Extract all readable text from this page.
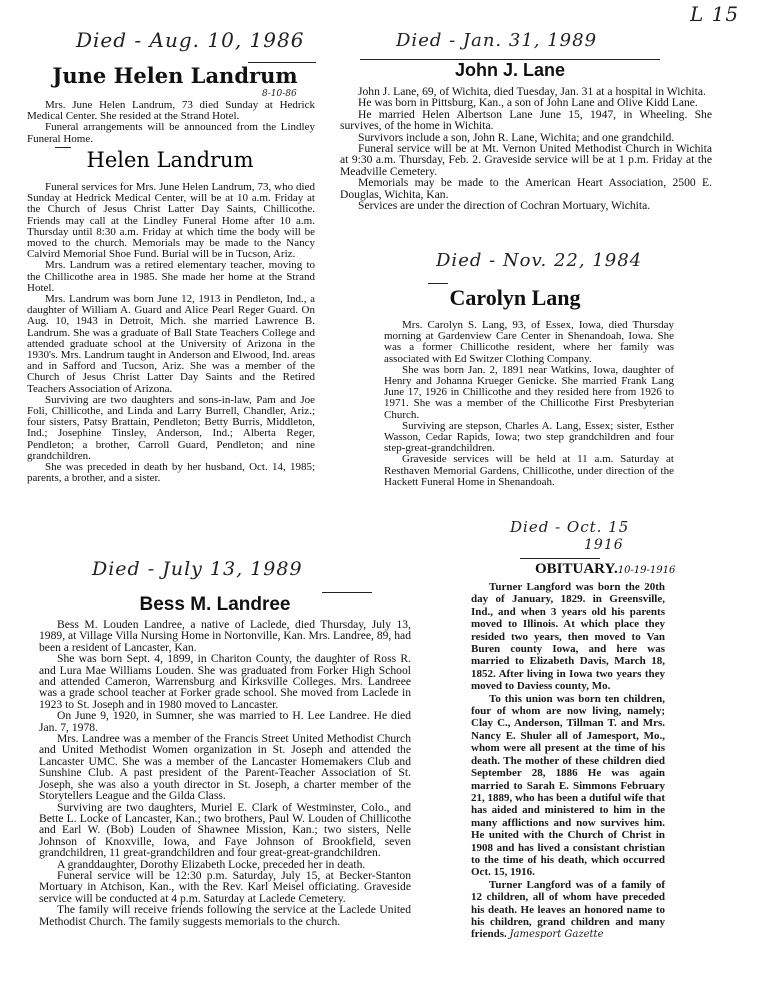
L 15
Died - Aug. 10, 1986
June Helen Landrum
8-10-86

Mrs. June Helen Landrum, 73 died Sunday at Hedrick Medical Center. She resided at the Strand Hotel.

Funeral arrangements will be announced from the Lindley Funeral Home.

Helen Landrum

Funeral services for Mrs. June Helen Landrum, 73, who died Sunday at Hedrick Medical Center, will be at 10 a.m. Friday at the Church of Jesus Christ Latter Day Saints, Chillicothe. Friends may call at the Lindley Funeral Home after 10 a.m. Thursday until 8:30 a.m. Friday at which time the body will be moved to the church. Memorials may be made to the Nancy Calvird Memorial Shoe Fund. Burial will be in Tucson, Ariz.

Mrs. Landrum was a retired elementary teacher, moving to the Chillicothe area in 1985. She made her home at the Strand Hotel.

Mrs. Landrum was born June 12, 1913 in Pendleton, Ind., a daughter of William A. Guard and Alice Pearl Reger Guard. On Aug. 10, 1943 in Detroit, Mich. she married Lawrence B. Landrum. She was a graduate of Ball State Teachers College and attended graduate school at the University of Arizona in the 1930's. Mrs. Landrum taught in Anderson and Elwood, Ind. areas and in Safford and Tucson, Ariz. She was a member of the Church of Jesus Christ Latter Day Saints and the Retired Teachers Association of Arizona.

Surviving are two daughters and sons-in-law, Pam and Joe Foli, Chillicothe, and Linda and Larry Burrell, Chandler, Ariz.; four sisters, Patsy Brattain, Pendleton; Betty Burris, Middleton, Ind.; Josephine Tinsley, Anderson, Ind.; Alberta Reger, Pendleton; a brother, Carroll Guard, Pendleton; and nine grandchildren.

She was preceded in death by her husband, Oct. 14, 1985; parents, a brother, and a sister.

Died - Jan. 31, 1989
John J. Lane

John J. Lane, 69, of Wichita, died Tuesday, Jan. 31 at a hospital in Wichita.

He was born in Pittsburg, Kan., a son of John Lane and Olive Kidd Lane.

He married Helen Albertson Lane June 15, 1947, in Wheeling. She survives, of the home in Wichita.

Survivors include a son, John R. Lane, Wichita; and one grandchild.

Funeral service will be at Mt. Vernon United Methodist Church in Wichita at 9:30 a.m. Thursday, Feb. 2. Graveside service will be at 1 p.m. Friday at the Meadville Cemetery.

Memorials may be made to the American Heart Association, 2500 E. Douglas, Wichita, Kan.

Services are under the direction of Cochran Mortuary, Wichita.

Died - Nov. 22, 1984
Carolyn Lang

Mrs. Carolyn S. Lang, 93, of Essex, Iowa, died Thursday morning at Gardenview Care Center in Shenandoah, Iowa. She was a former Chillicothe resident, where her family was associated with Ed Switzer Clothing Company.

She was born Jan. 2, 1891 near Watkins, Iowa, daughter of Henry and Johanna Krueger Genicke. She married Frank Lang June 17, 1926 in Chillicothe and they resided here from 1926 to 1971. She was a member of the Chillicothe First Presbyterian Church.

Surviving are stepson, Charles A. Lang, Essex; sister, Esther Wasson, Cedar Rapids, Iowa; two step grandchildren and four step-great-grandchildren.

Graveside services will be held at 11 a.m. Saturday at Resthaven Memorial Gardens, Chillicothe, under direction of the Hackett Funeral Home in Shenandoah.

Died - July 13, 1989
Bess M. Landree

Bess M. Louden Landree, a native of Laclede, died Thursday, July 13, 1989, at Village Villa Nursing Home in Nortonville, Kan. Mrs. Landree, 89, had been a resident of Lancaster, Kan.

She was born Sept. 4, 1899, in Chariton County, the daughter of Ross R. and Lura Mae Williams Louden. She was graduated from Forker High School and attended Cameron, Warrensburg and Kirksville Colleges. Mrs. Landreee was a grade school teacher at Forker grade school. She moved from Laclede in 1923 to St. Joseph and in 1980 moved to Lancaster.

On June 9, 1920, in Sumner, she was married to H. Lee Landree. He died Jan. 7, 1978.

Mrs. Landree was a member of the Francis Street United Methodist Church and United Methodist Women organization in St. Joseph and attended the Lancaster UMC. She was a member of the Lancaster Homemakers Club and Sunshine Club. A past president of the Parent-Teacher Association of St. Joseph, she was also a youth director in St. Joseph, a charter member of the Storytellers League and the Gilda Class.

Surviving are two daughters, Muriel E. Clark of Westminster, Colo., and Bette L. Locke of Lancaster, Kan.; two brothers, Paul W. Louden of Chillicothe and Earl W. (Bob) Louden of Shawnee Mission, Kan.; two sisters, Nelle Johnson of Knoxville, Iowa, and Faye Johnson of Brookfield, seven grandchildren, 11 great-grandchildren and four great-great-grandchildren.

A granddaughter, Dorothy Elizabeth Locke, preceded her in death.

Funeral service will be 12:30 p.m. Saturday, July 15, at Becker-Stanton Mortuary in Atchison, Kan., with the Rev. Karl Meisel officiating. Graveside service will be conducted at 4 p.m. Saturday at Laclede Cemetery.

The family will receive friends following the service at the Laclede United Methodist Church. The family suggests memorials to the church.

Died - Oct. 15
1916
OBITUARY.10-19-1916

Turner Langford was born the 20th day of January, 1829. in Greensville, Ind., and when 3 years old his parents moved to Illinois. At which place they resided two years, then moved to Van Buren county Iowa, and here was married to Elizabeth Davis, March 18, 1852. After living in Iowa two years they moved to Daviess county, Mo.

To this union was born ten children, four of whom are now living, namely; Clay C., Anderson, Tillman T. and Mrs. Nancy E. Shuler all of Jamesport, Mo., whom were all present at the time of his death. The mother of these children died September 28, 1886 He was again married to Sarah E. Simmons February 21, 1889, who has been a dutiful wife that has aided and ministered to him in the many afflictions and now survives him. He united with the Church of Christ in 1908 and has lived a consistant christian to the time of his death, which occurred Oct. 15, 1916.

Turner Langford was of a family of 12 children, all of whom have preceded his death. He leaves an honored name to his children, grand children and many friends. Jamesport Gazette
